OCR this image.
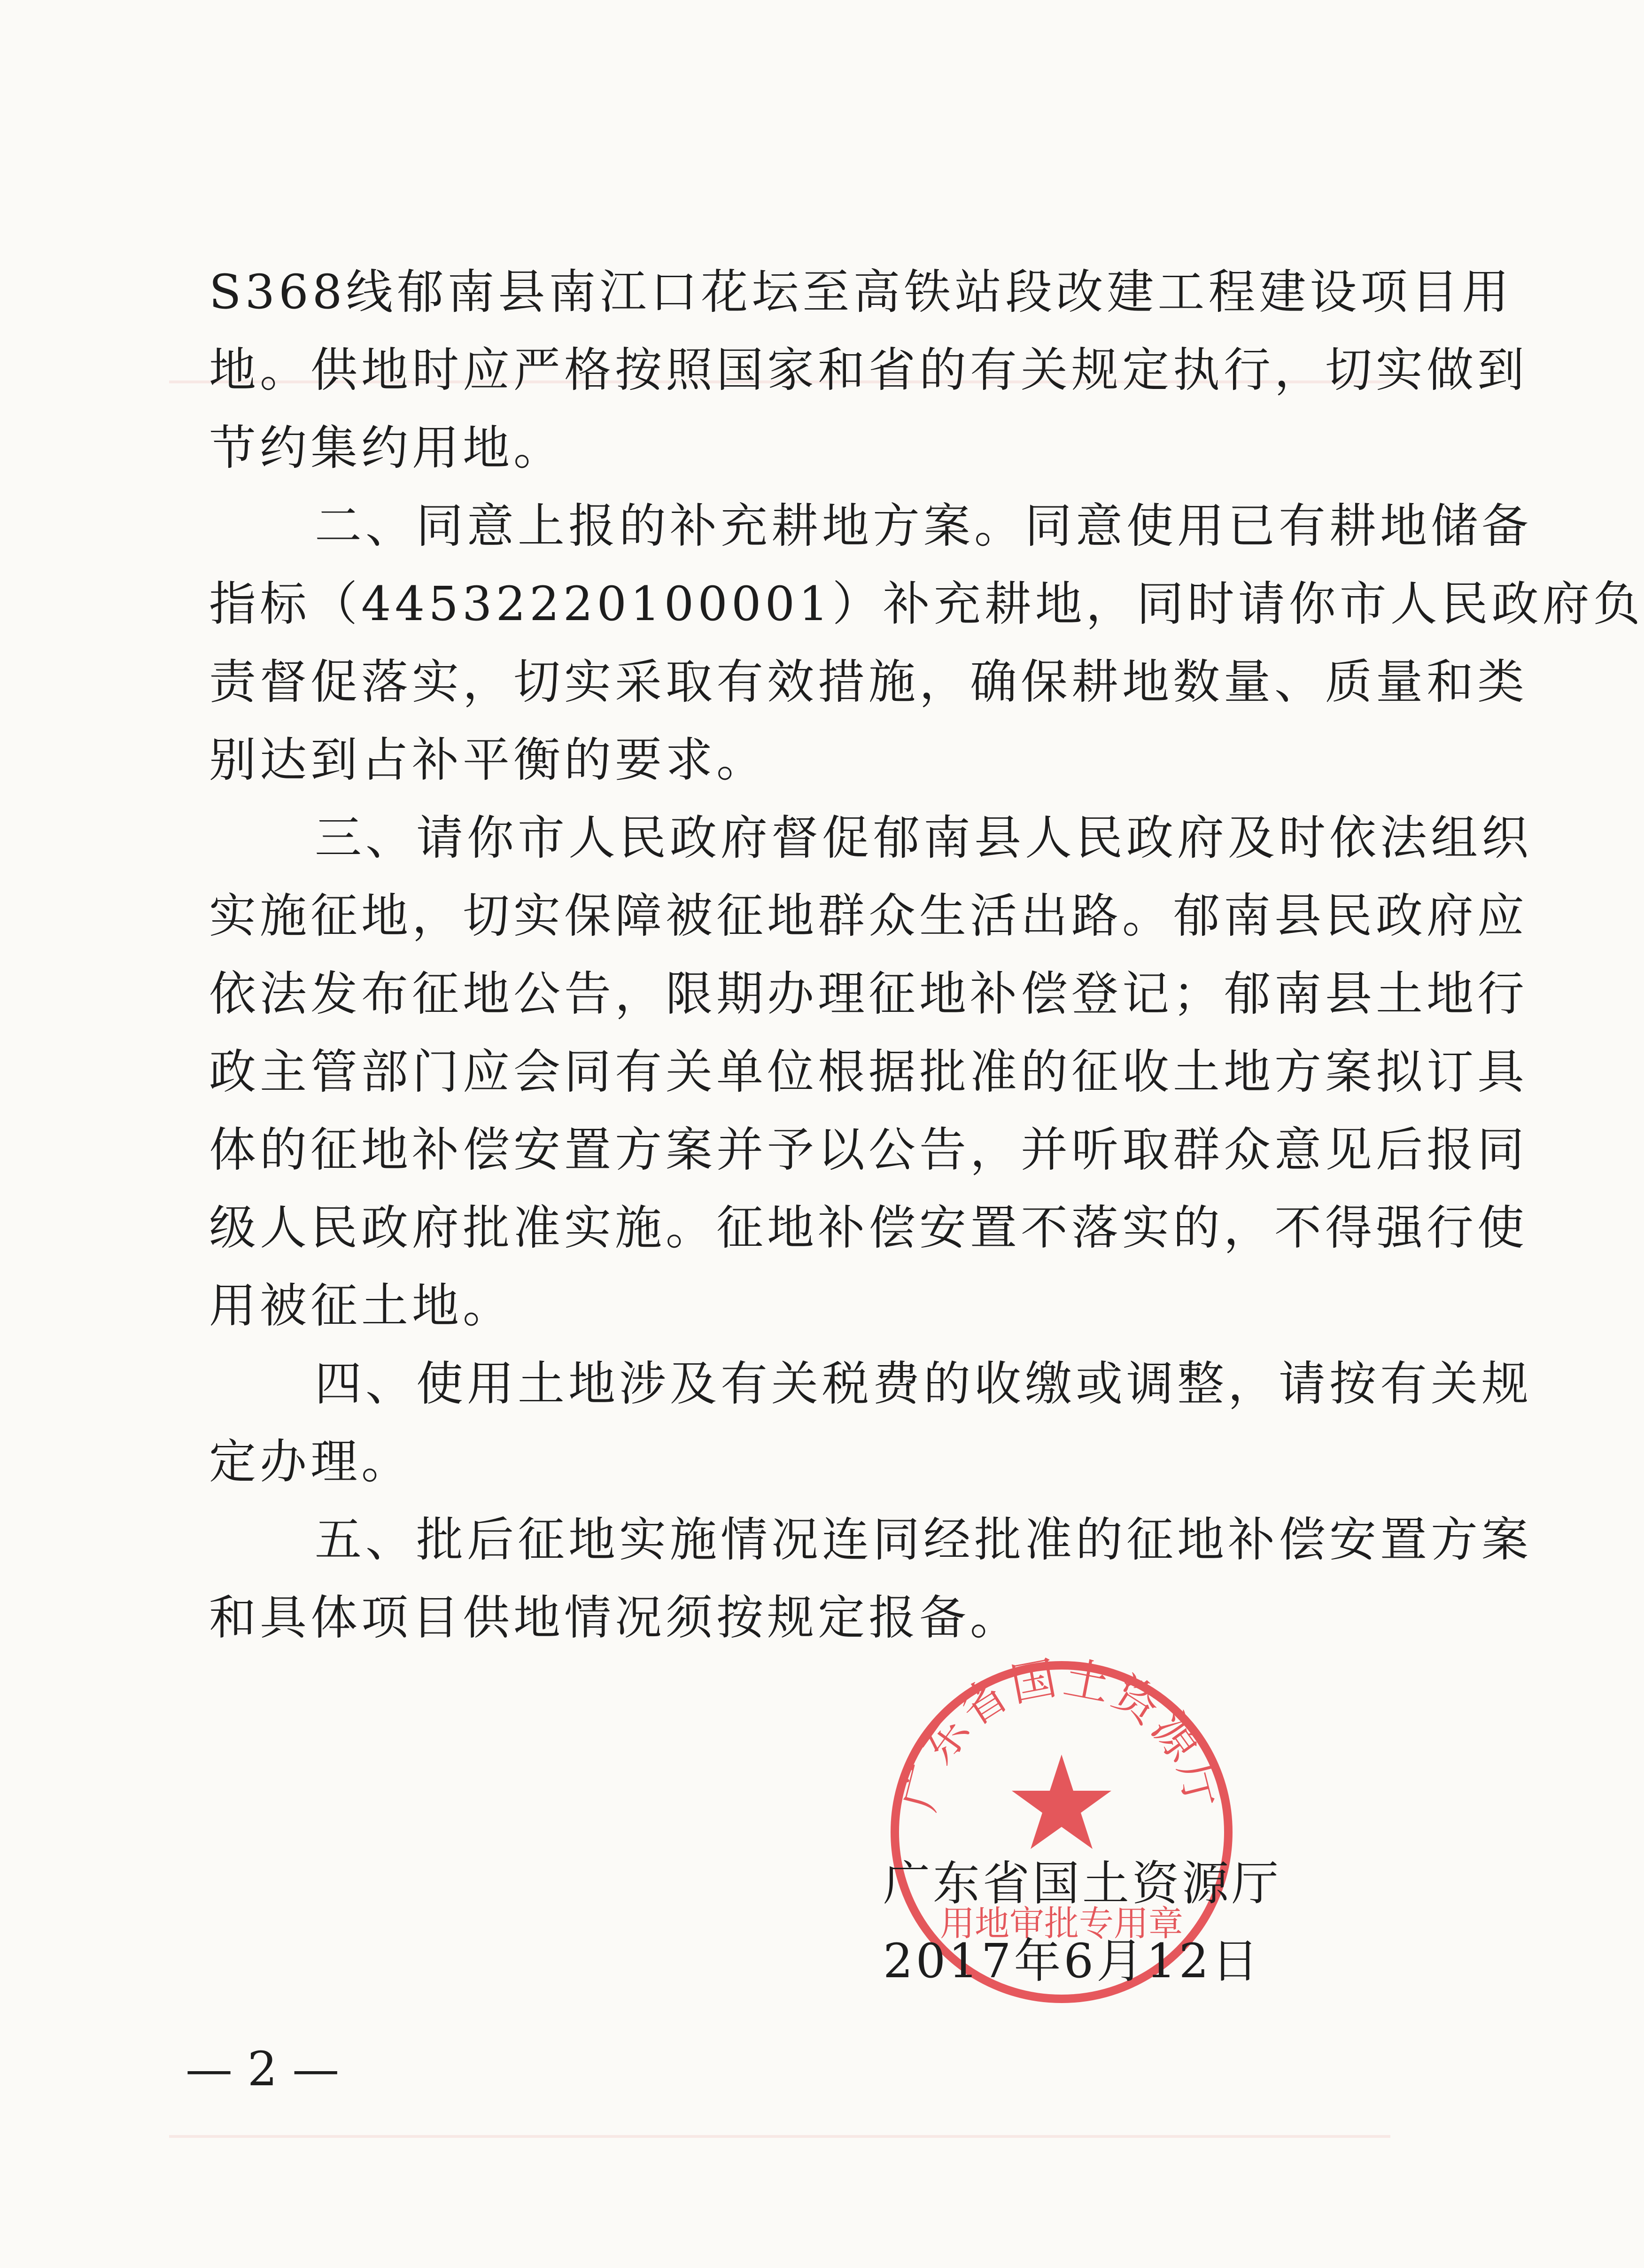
S368线郁南县南江口花坛至高铁站段改建工程建设项目用
地。供地时应严格按照国家和省的有关规定执行，切实做到
节约集约用地。
二、同意上报的补充耕地方案。同意使用已有耕地储备
指标（44532220100001）补充耕地，同时请你市人民政府负
责督促落实，切实采取有效措施，确保耕地数量、质量和类
别达到占补平衡的要求。
三、请你市人民政府督促郁南县人民政府及时依法组织
实施征地，切实保障被征地群众生活出路。郁南县民政府应
依法发布征地公告，限期办理征地补偿登记；郁南县土地行
政主管部门应会同有关单位根据批准的征收土地方案拟订具
体的征地补偿安置方案并予以公告，并听取群众意见后报同
级人民政府批准实施。征地补偿安置不落实的，不得强行使
用被征土地。
四、使用土地涉及有关税费的收缴或调整，请按有关规
定办理。
五、批后征地实施情况连同经批准的征地补偿安置方案
和具体项目供地情况须按规定报备。
广东省国土资源厅
用地审批专用章
广东省国土资源厅
2017年6月12日
— 2 —
